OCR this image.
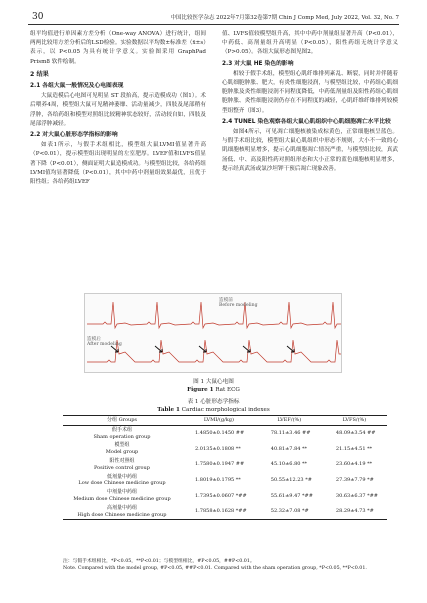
30	中国比较医学杂志 2022年7月第32卷第7期 Chin J Comp Med, July 2022, Vol. 32, No. 7

组平均值进行单因素方差分析（One-way ANOVA）进行统计，组间两两比较用方差分析后的LSD检验。实验数据以平均数±标准差（x̄±s）表示，以 P<0.05 为具有统计学意义。实验图采用 GraphPad Prism8 软件绘制。

2 结果
2.1 各组大鼠一般情况及心电图表现

大鼠造模后心电图可见明显 ST 段抬高，提示造模成功（图1）。术后喂养4周，模型组大鼠可见精神萎靡、活动量减少，四肢及尾部稍有浮肿，各给药组和模型对照组比较精神状态较好，活动较自如，四肢及尾部浮肿减轻。

2.2 对大鼠心脏形态学指标的影响

如表1所示，与假手术组相比，模型组大鼠LVMI值显著升高（P<0.01），提示模型组出现明显的左室肥厚。LVEF值和LVFS值显著下降（P<0.01），侧面证明大鼠造模成功。与模型组比较，各给药组LVMI值均显著降低（P<0.01），其中中药中剂量组效果最优，且优于阳性组；各给药组LVEF

值、LVFS值较模型组升高，其中中药中剂量组显著升高（P<0.01），中药低、高剂量组升高明显（P<0.05），阳性药组无统计学意义（P>0.05）。各组大鼠形态图见图2。

2.3 对大鼠 HE 染色的影响

相较于假手术组，模型组心肌纤维排列紊乱、断裂，同时并伴随着心肌细胞肿胀、肥大，有炎性细胞浸润，与模型组比较，中药组心肌细胞肿胀及炎性细胞浸润不同程度降低，中药低剂量组及阳性药组心肌细胞肿胀、炎性细胞浸润仍存在不同程度的减轻，心肌纤维纤维排列较模型组整齐（图3）。

2.4 TUNEL 染色观察各组大鼠心肌组织中心肌细胞凋亡水平比较

如图4所示，可见凋亡细胞核被染成棕黄色，正常细胞核呈蓝色。与假手术组比较，模型组大鼠心肌组织中形态不规则，大小不一致的心肌细胞核明显增多，提示心肌细胞凋亡情况严重，与模型组比较，真武汤低、中、高及阳性药对照组形态和大小正常的蓝色细胞核明显增多，提示经真武汤或氯沙坦钾干预后凋亡现象改善。

造模前
Before modeling
造模后
After modeling
图 1 大鼠心电图
Figure 1 Rat ECG
表 1 心脏形态学指标
Table 1 Cardiac morphological indexes
分组 Groups	LVMI/(g/kg)	LVEF/(%)	LVFS/(%)

假手术组
Sham operation group	1.4850±0.1450 ##	78.11±3.46 ##	48.09±3.54 ##

模型组
Model group	2.0135±0.1808 **	40.81±7.84 **	21.15±4.51 **

阳性对照组
Positive control group	1.7580±0.1947 ##	45.10±6.80 **	23.60±4.19 **

低剂量中药组
Low dose Chinese medicine group	1.8019±0.1795 **	50.55±12.23 *#	27.39±7.79 *#

中剂量中药组
Medium dose Chinese medicine group	1.7395±0.0607 *##	55.61±9.47 *##	30.63±6.37 *##

高剂量中药组
High dose Chinese medicine group	1.7858±0.1628 *##	52.32±7.08 *#	28.29±4.73 *#
注：与假手术组相比，*P<0.05，**P<0.01；与模型组相比，#P<0.05，##P<0.01。
Note. Compared with the model group, #P<0.05, ##P<0.01. Compared with the sham operation group, *P<0.05, **P<0.01.
